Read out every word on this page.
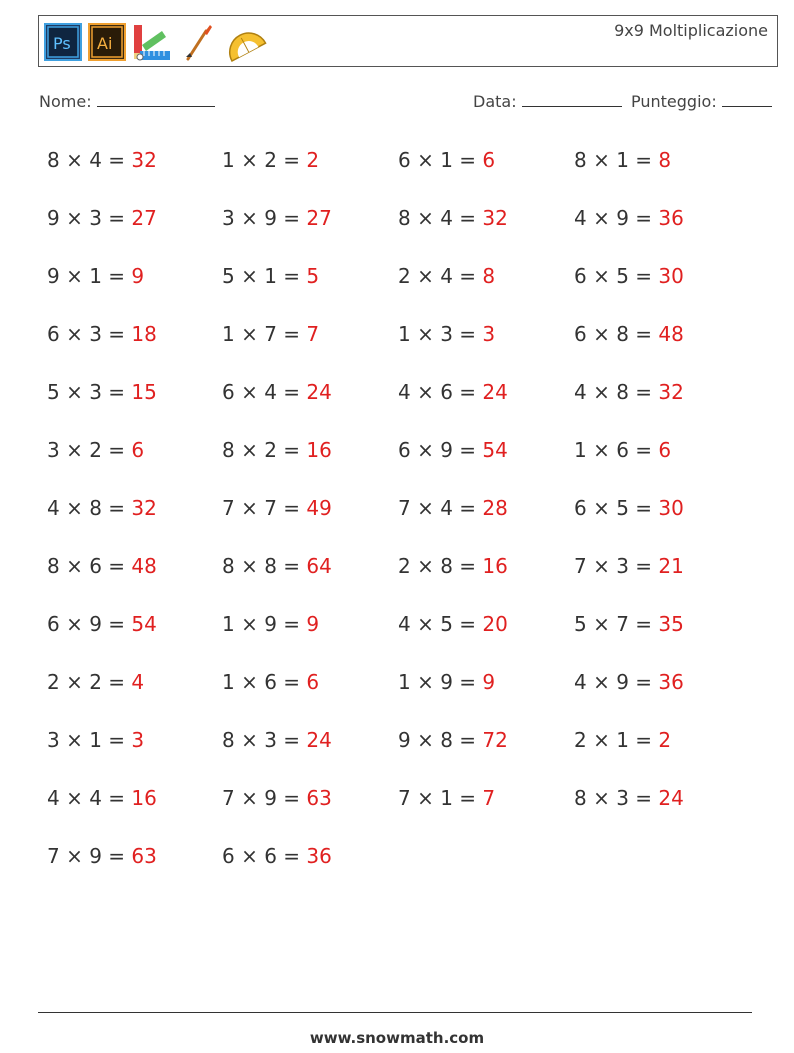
Ps Ai
9x9 Moltiplicazione
Nome:	Data:	Punteggio:
8 × 4 = 32	1 × 2 = 2	6 × 1 = 6	8 × 1 = 8
9 × 3 = 27	3 × 9 = 27	8 × 4 = 32	4 × 9 = 36
9 × 1 = 9	5 × 1 = 5	2 × 4 = 8	6 × 5 = 30
6 × 3 = 18	1 × 7 = 7	1 × 3 = 3	6 × 8 = 48
5 × 3 = 15	6 × 4 = 24	4 × 6 = 24	4 × 8 = 32
3 × 2 = 6	8 × 2 = 16	6 × 9 = 54	1 × 6 = 6
4 × 8 = 32	7 × 7 = 49	7 × 4 = 28	6 × 5 = 30
8 × 6 = 48	8 × 8 = 64	2 × 8 = 16	7 × 3 = 21
6 × 9 = 54	1 × 9 = 9	4 × 5 = 20	5 × 7 = 35
2 × 2 = 4	1 × 6 = 6	1 × 9 = 9	4 × 9 = 36
3 × 1 = 3	8 × 3 = 24	9 × 8 = 72	2 × 1 = 2
4 × 4 = 16	7 × 9 = 63	7 × 1 = 7	8 × 3 = 24
7 × 9 = 63	6 × 6 = 36
www.snowmath.com
